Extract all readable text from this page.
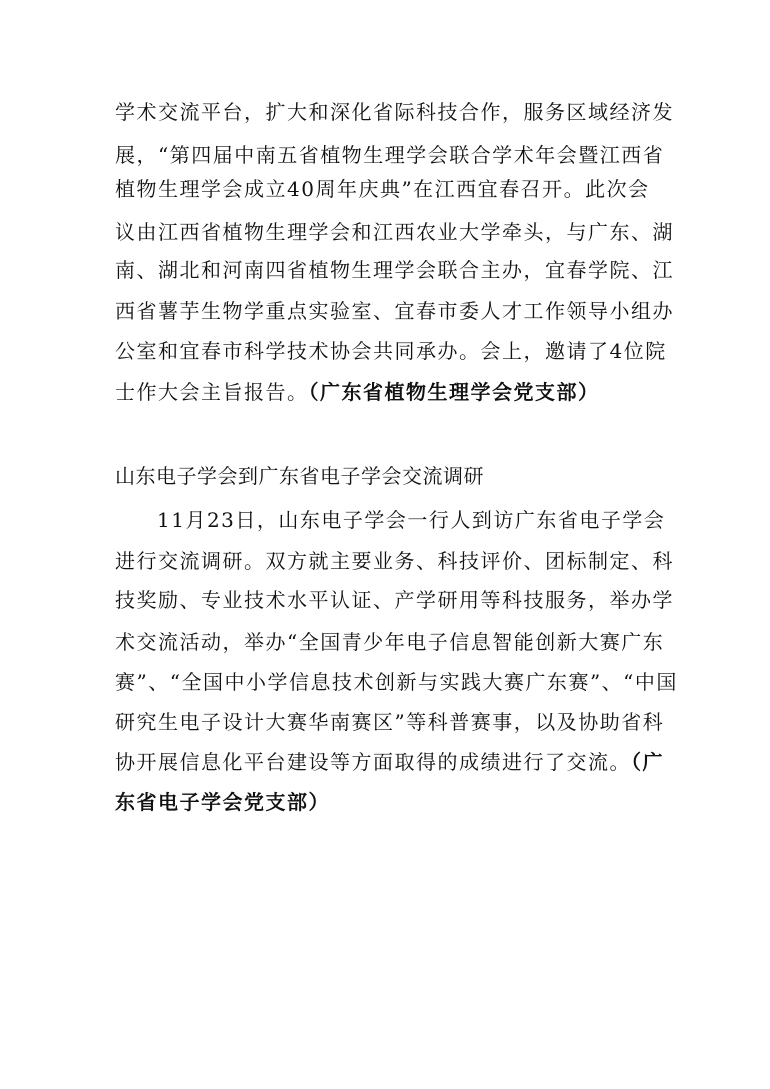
学术交流平台，扩大和深化省际科技合作，服务区域经济发
展，“第四届中南五省植物生理学会联合学术年会暨江西省
植物生理学会成立40周年庆典”在江西宜春召开。此次会
议由江西省植物生理学会和江西农业大学牵头，与广东、湖
南、湖北和河南四省植物生理学会联合主办，宜春学院、江
西省薯芋生物学重点实验室、宜春市委人才工作领导小组办
公室和宜春市科学技术协会共同承办。会上，邀请了4位院
士作大会主旨报告。（广东省植物生理学会党支部）
山东电子学会到广东省电子学会交流调研
11月23日，山东电子学会一行人到访广东省电子学会
进行交流调研。双方就主要业务、科技评价、团标制定、科
技奖励、专业技术水平认证、产学研用等科技服务，举办学
术交流活动，举办“全国青少年电子信息智能创新大赛广东
赛”、“全国中小学信息技术创新与实践大赛广东赛”、“中国
研究生电子设计大赛华南赛区”等科普赛事，以及协助省科
协开展信息化平台建设等方面取得的成绩进行了交流。（广
东省电子学会党支部）
